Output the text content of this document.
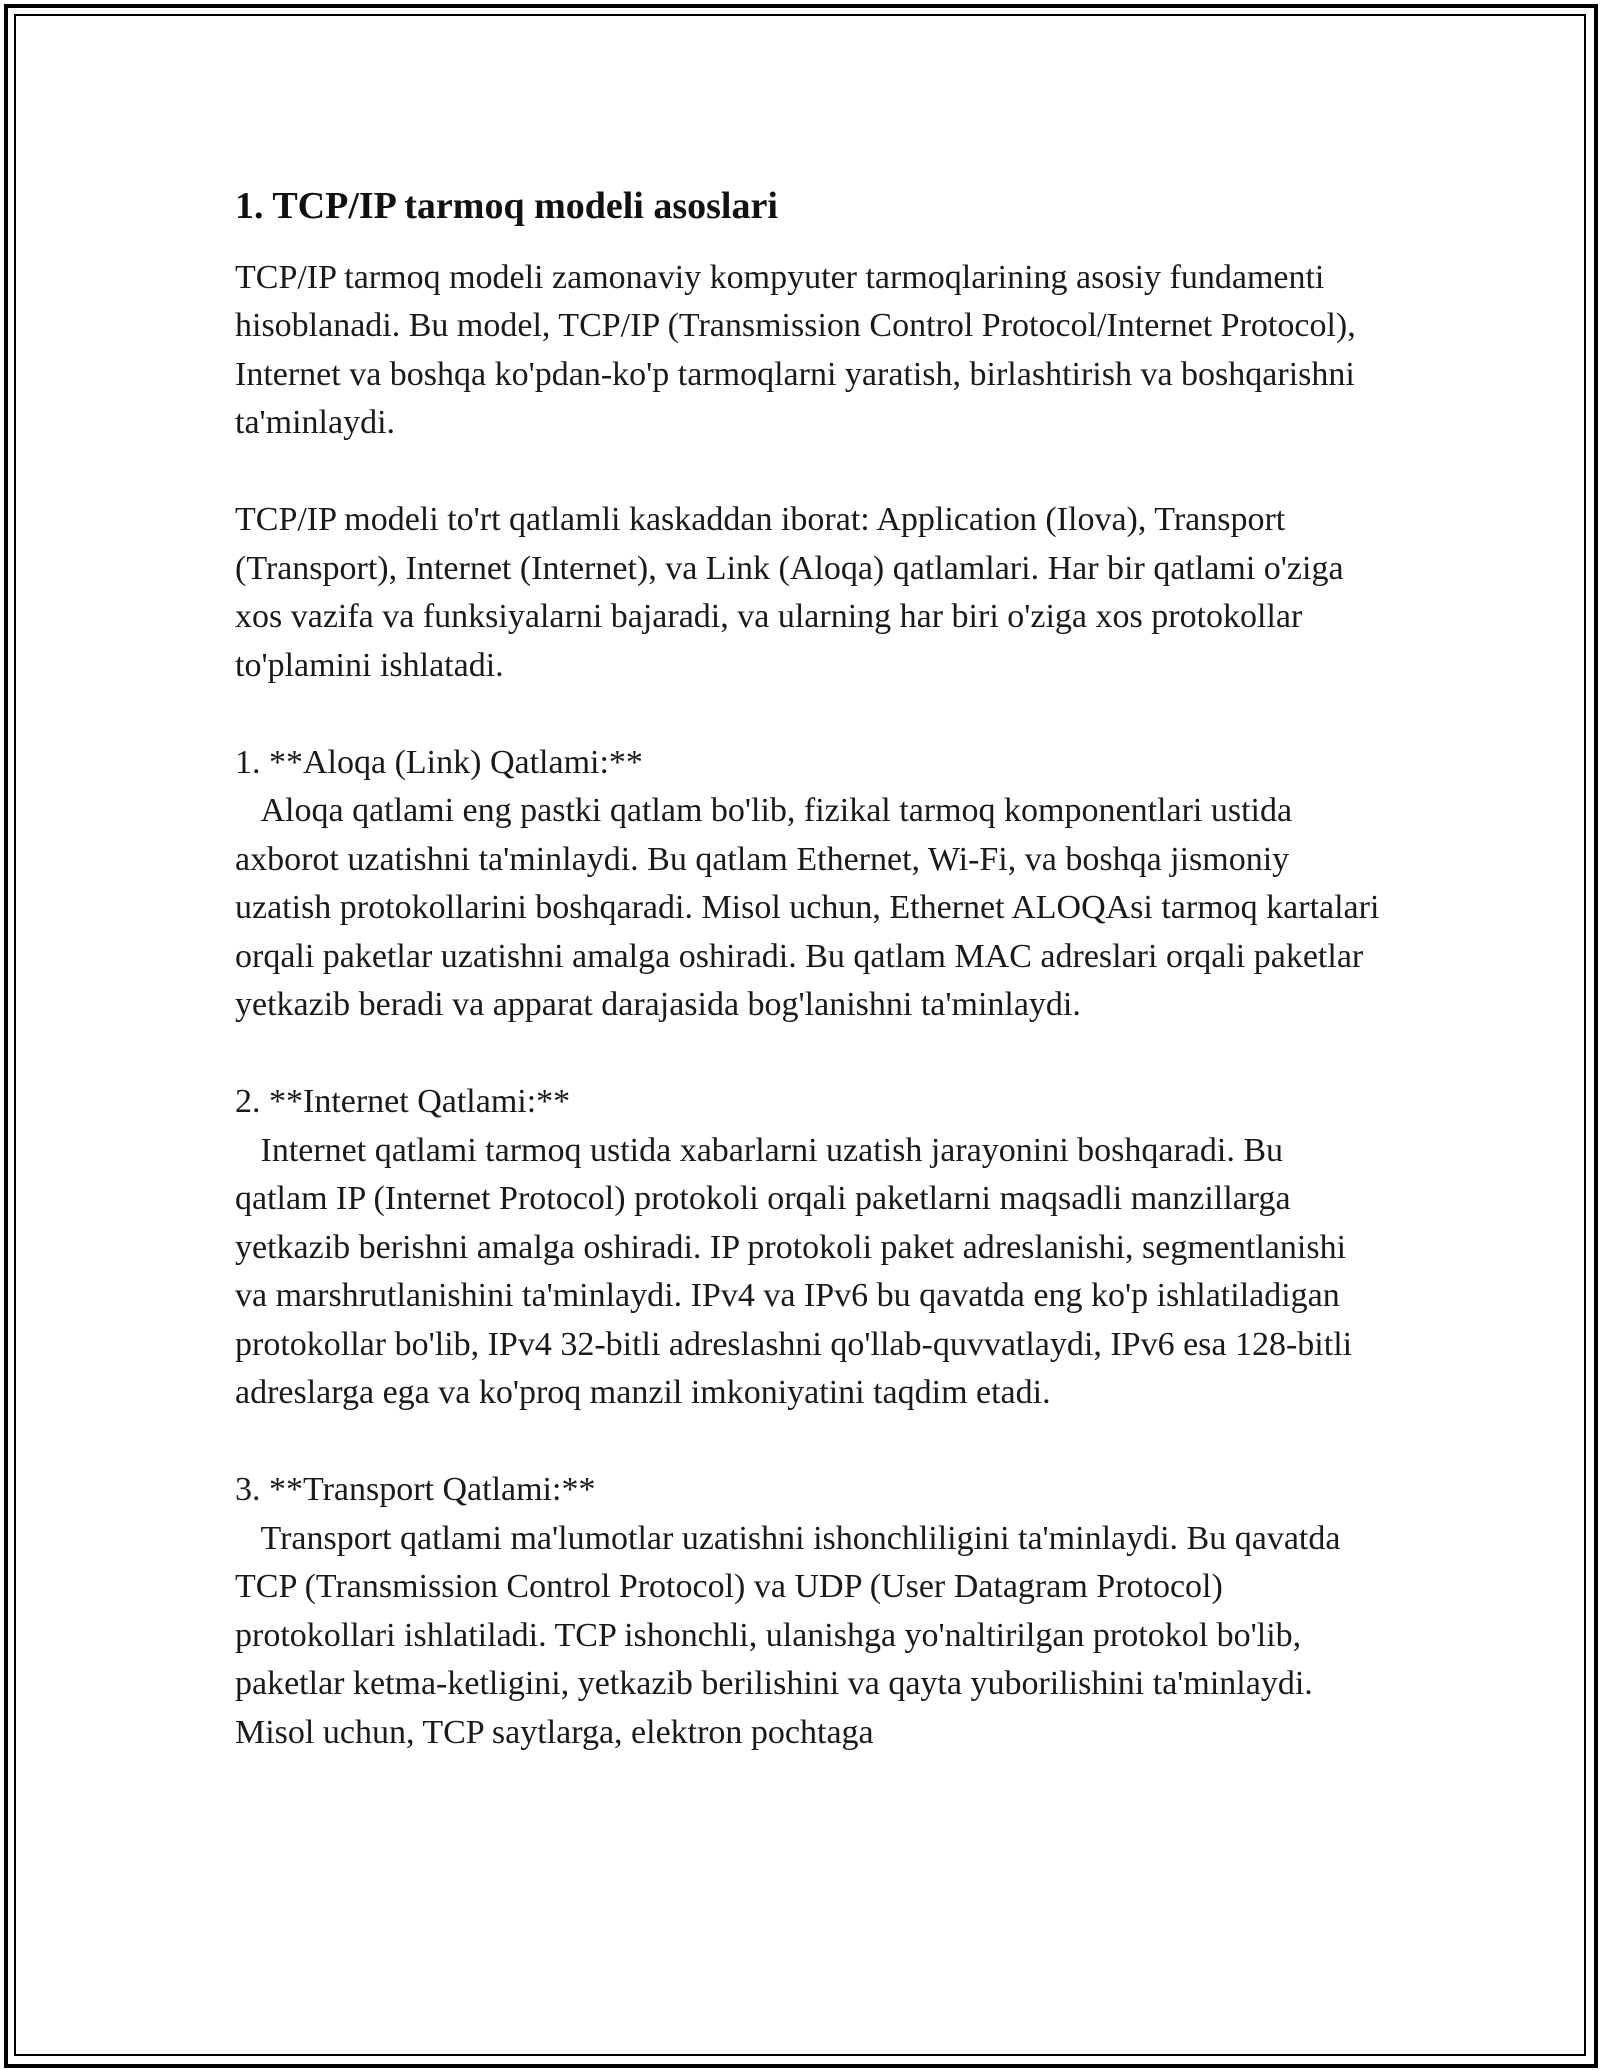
1. TCP/IP tarmoq modeli asoslari

TCP/IP tarmoq modeli zamonaviy kompyuter tarmoqlarining asosiy fundamenti hisoblanadi. Bu model, TCP/IP (Transmission Control Protocol/Internet Protocol), Internet va boshqa ko'pdan-ko'p tarmoqlarni yaratish, birlashtirish va boshqarishni ta'minlaydi.

TCP/IP modeli to'rt qatlamli kaskaddan iborat: Application (Ilova), Transport (Transport), Internet (Internet), va Link (Aloqa) qatlamlari. Har bir qatlami o'ziga xos vazifa va funksiyalarni bajaradi, va ularning har biri o'ziga xos protokollar to'plamini ishlatadi.

1. **Aloqa (Link) Qatlami:**
Aloqa qatlami eng pastki qatlam bo'lib, fizikal tarmoq komponentlari ustida axborot uzatishni ta'minlaydi. Bu qatlam Ethernet, Wi-Fi, va boshqa jismoniy uzatish protokollarini boshqaradi. Misol uchun, Ethernet ALOQAsi tarmoq kartalari orqali paketlar uzatishni amalga oshiradi. Bu qatlam MAC adreslari orqali paketlar yetkazib beradi va apparat darajasida bog'lanishni ta'minlaydi.
2. **Internet Qatlami:**
Internet qatlami tarmoq ustida xabarlarni uzatish jarayonini boshqaradi. Bu qatlam IP (Internet Protocol) protokoli orqali paketlarni maqsadli manzillarga yetkazib berishni amalga oshiradi. IP protokoli paket adreslanishi, segmentlanishi va marshrutlanishini ta'minlaydi. IPv4 va IPv6 bu qavatda eng ko'p ishlatiladigan protokollar bo'lib, IPv4 32-bitli adreslashni qo'llab-quvvatlaydi, IPv6 esa 128-bitli adreslarga ega va ko'proq manzil imkoniyatini taqdim etadi.
3. **Transport Qatlami:**
Transport qatlami ma'lumotlar uzatishni ishonchliligini ta'minlaydi. Bu qavatda TCP (Transmission Control Protocol) va UDP (User Datagram Protocol) protokollari ishlatiladi. TCP ishonchli, ulanishga yo'naltirilgan protokol bo'lib, paketlar ketma-ketligini, yetkazib berilishini va qayta yuborilishini ta'minlaydi. Misol uchun, TCP saytlarga, elektron pochtaga
